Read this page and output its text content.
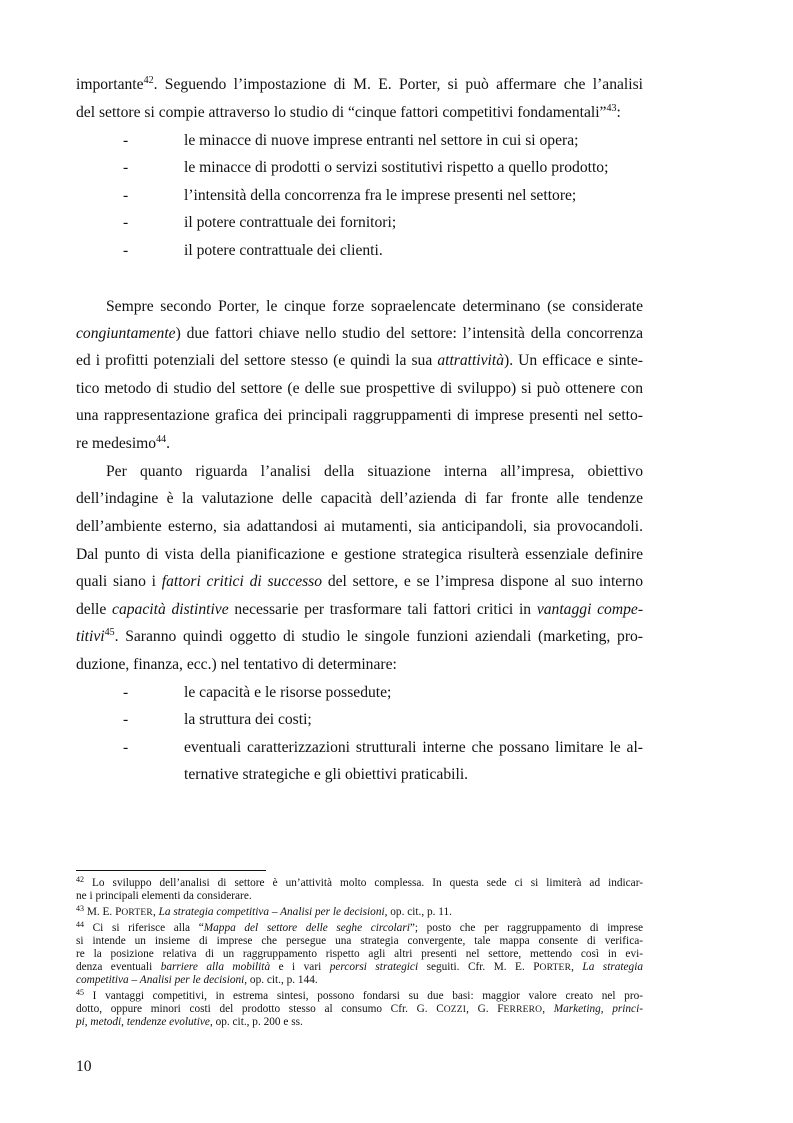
importante$^{42}$. Seguendo l’impostazione di M. E. Porter, si può affermare che l’analisi
del settore si compie attraverso lo studio di “cinque fattori competitivi fondamentali”$^{43}$:
-	le minacce di nuove imprese entranti nel settore in cui si opera;
-	le minacce di prodotti o servizi sostitutivi rispetto a quello prodotto;
-	l’intensità della concorrenza fra le imprese presenti nel settore;
-	il potere contrattuale dei fornitori;
-	il potere contrattuale dei clienti.
Sempre secondo Porter, le cinque forze sopraelencate determinano (se considerate
congiuntamente) due fattori chiave nello studio del settore: l’intensità della concorrenza
ed i profitti potenziali del settore stesso (e quindi la sua attrattività). Un efficace e sinte-
tico metodo di studio del settore (e delle sue prospettive di sviluppo) si può ottenere con
una rappresentazione grafica dei principali raggruppamenti di imprese presenti nel setto-
re medesimo$^{44}$.
Per quanto riguarda l’analisi della situazione interna all’impresa, obiettivo
dell’indagine è la valutazione delle capacità dell’azienda di far fronte alle tendenze
dell’ambiente esterno, sia adattandosi ai mutamenti, sia anticipandoli, sia provocandoli.
Dal punto di vista della pianificazione e gestione strategica risulterà essenziale definire
quali siano i fattori critici di successo del settore, e se l’impresa dispone al suo interno
delle capacità distintive necessarie per trasformare tali fattori critici in vantaggi compe-
titivi$^{45}$. Saranno quindi oggetto di studio le singole funzioni aziendali (marketing, pro-
duzione, finanza, ecc.) nel tentativo di determinare:
-	le capacità e le risorse possedute;
-	la struttura dei costi;
-	eventuali caratterizzazioni strutturali interne che possano limitare le al-
ternative strategiche e gli obiettivi praticabili.
$^{42}$ Lo sviluppo dell’analisi di settore è un’attività molto complessa. In questa sede ci si limiterà ad indicar-
ne i principali elementi da considerare.
$^{43}$ M. E. PORTER, La strategia competitiva – Analisi per le decisioni, op. cit., p. 11.
$^{44}$ Ci si riferisce alla “Mappa del settore delle seghe circolari”; posto che per raggruppamento di imprese
si intende un insieme di imprese che persegue una strategia convergente, tale mappa consente di verifica-
re la posizione relativa di un raggruppamento rispetto agli altri presenti nel settore, mettendo così in evi-
denza eventuali barriere alla mobilità e i vari percorsi strategici seguiti. Cfr. M. E. PORTER, La strategia
competitiva – Analisi per le decisioni, op. cit., p. 144.
$^{45}$ I vantaggi competitivi, in estrema sintesi, possono fondarsi su due basi: maggior valore creato nel pro-
dotto, oppure minori costi del prodotto stesso al consumo Cfr. G. COZZI, G. FERRERO, Marketing, princi-
pi, metodi, tendenze evolutive, op. cit., p. 200 e ss.
10
